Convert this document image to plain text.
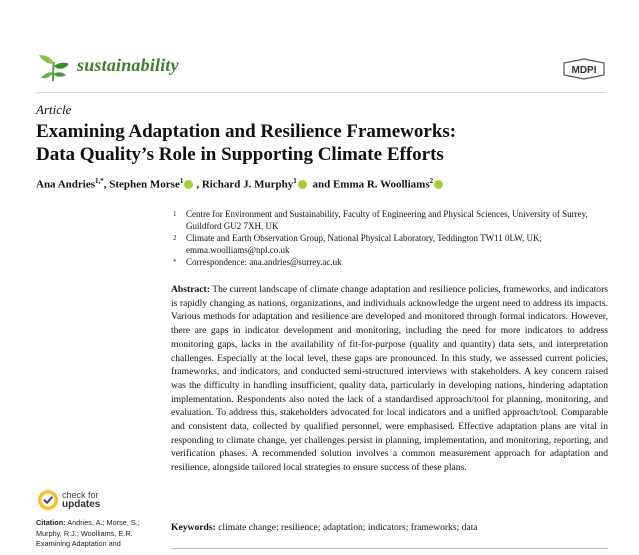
sustainability	MDPI
Article
Examining Adaptation and Resilience Frameworks:
Data Quality’s Role in Supporting Climate Efforts
Ana Andries$^{1,*}$, Stephen Morse$^1$ , Richard J. Murphy$^1$ and Emma R. Woolliams$^2$
1 Centre for Environment and Sustainability, Faculty of Engineering and Physical Sciences, University of Surrey, Guildford GU2 7XH, UK
2 Climate and Earth Observation Group, National Physical Laboratory, Teddington TW11 0LW, UK; emma.woolliams@npl.co.uk
* Correspondence: ana.andries@surrey.ac.uk
Abstract: The current landscape of climate change adaptation and resilience policies, frameworks, and indicators is rapidly changing as nations, organizations, and individuals acknowledge the urgent need to address its impacts. Various methods for adaptation and resilience are developed and monitored through formal indicators. However, there are gaps in indicator development and monitoring, including the need for more indicators to address monitoring gaps, lacks in the availability of fit-for-purpose (quality and quantity) data sets, and interpretation challenges. Especially at the local level, these gaps are pronounced. In this study, we assessed current policies, frameworks, and indicators, and conducted semi-structured interviews with stakeholders. A key concern raised was the difficulty in handling insufficient, quality data, particularly in developing nations, hindering adaptation implementation. Respondents also noted the lack of a standardised approach/tool for planning, monitoring, and evaluation. To address this, stakeholders advocated for local indicators and a unified approach/tool. Comparable and consistent data, collected by qualified personnel, were emphasised. Effective adaptation plans are vital in responding to climate change, yet challenges persist in planning, implementation, and monitoring, reporting, and verification phases. A recommended solution involves a common measurement approach for adaptation and resilience, alongside tailored local strategies to ensure success of these plans.
Keywords: climate change; resilience; adaptation; indicators; frameworks; data
check for
updates
Citation: Andries, A.; Morse, S.;
Murphy, R.J.; Woolliams, E.R.
Examining Adaptation and
